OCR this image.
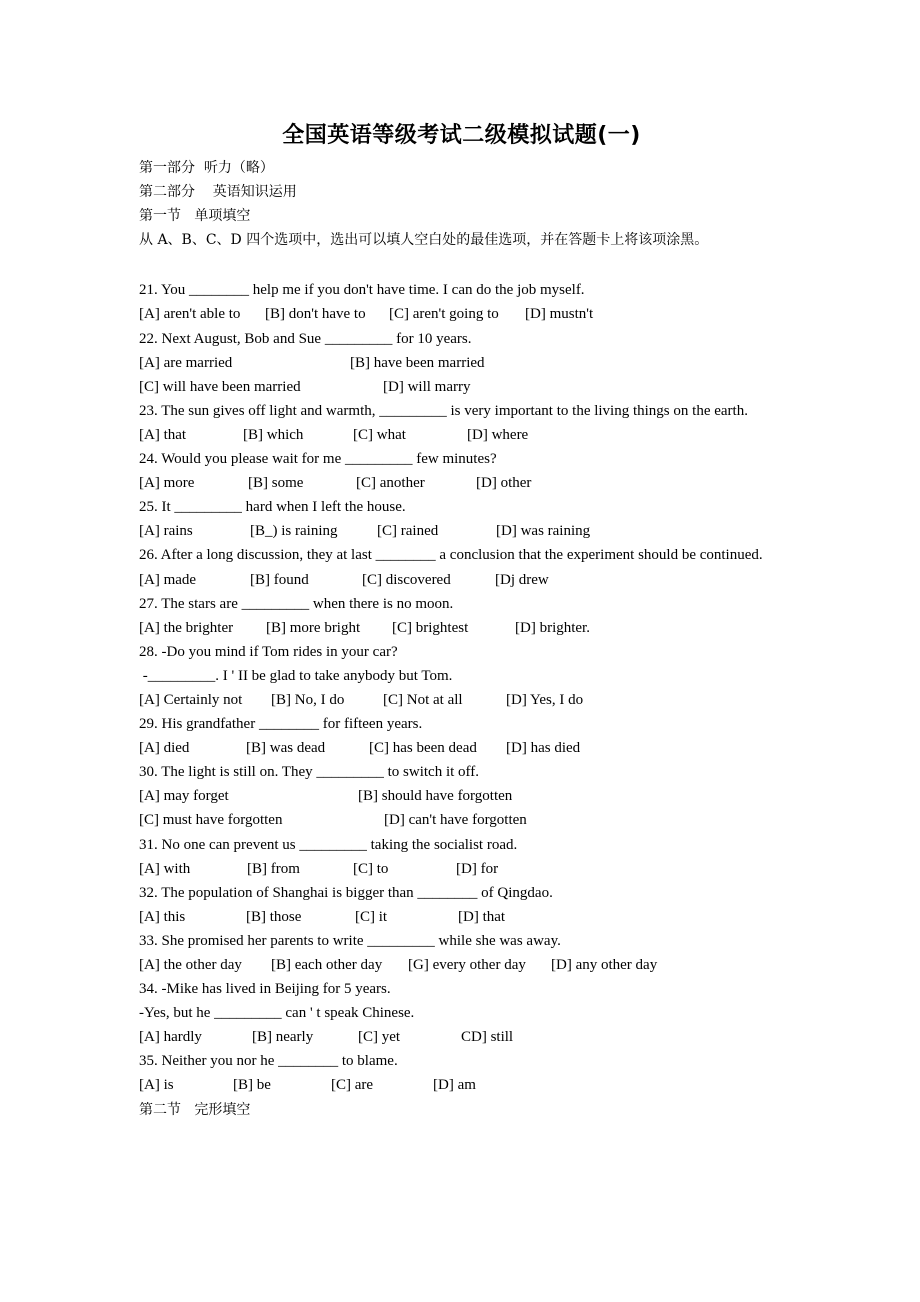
全国英语等级考试二级模拟试题(一)
第一部分  听力（略）
第二部分    英语知识运用
第一节   单项填空
从 A、B、C、D 四个选项中，选出可以填人空白处的最佳选项，并在答题卡上将该项涂黑。
21. You ________ help me if you don't have time. I can do the job myself.
[A] aren't able to	[B] don't have to	[C] aren't going to	[D] mustn't
22. Next August, Bob and Sue _________ for 10 years.
[A] are married	[B] have been married
[C] will have been married	[D] will marry
23. The sun gives off light and warmth, _________ is very important to the living things on the earth.
[A] that	[B] which	[C] what	[D] where
24. Would you please wait for me _________ few minutes?
[A] more	[B] some	[C] another	[D] other
25. It _________ hard when I left the house.
[A] rains	[B_) is raining	[C] rained	[D] was raining
26. After a long discussion, they at last ________ a conclusion that the experiment should be continued.
[A] made	[B] found	[C] discovered	[Dj drew
27. The stars are _________ when there is no moon.
[A] the brighter	[B] more bright	[C] brightest	[D] brighter.
28. -Do you mind if Tom rides in your car?
-_________. I ' II be glad to take anybody but Tom.
[A] Certainly not	[B] No, I do	[C] Not at all	[D] Yes, I do
29. His grandfather ________ for fifteen years.
[A] died	[B] was dead	[C] has been dead	[D] has died
30. The light is still on. They _________ to switch it off.
[A] may forget	[B] should have forgotten
[C] must have forgotten	[D] can't have forgotten
31. No one can prevent us _________ taking the socialist road.
[A] with	[B] from	[C] to	[D] for
32. The population of Shanghai is bigger than ________ of Qingdao.
[A] this	[B] those	[C] it	[D] that
33. She promised her parents to write _________ while she was away.
[A] the other day	[B] each other day	[G] every other day	[D] any other day
34. -Mike has lived in Beijing for 5 years.
-Yes, but he _________ can ' t speak Chinese.
[A] hardly	[B] nearly	[C] yet	CD] still
35. Neither you nor he ________ to blame.
[A] is	[B] be	[C] are	[D] am
第二节   完形填空
